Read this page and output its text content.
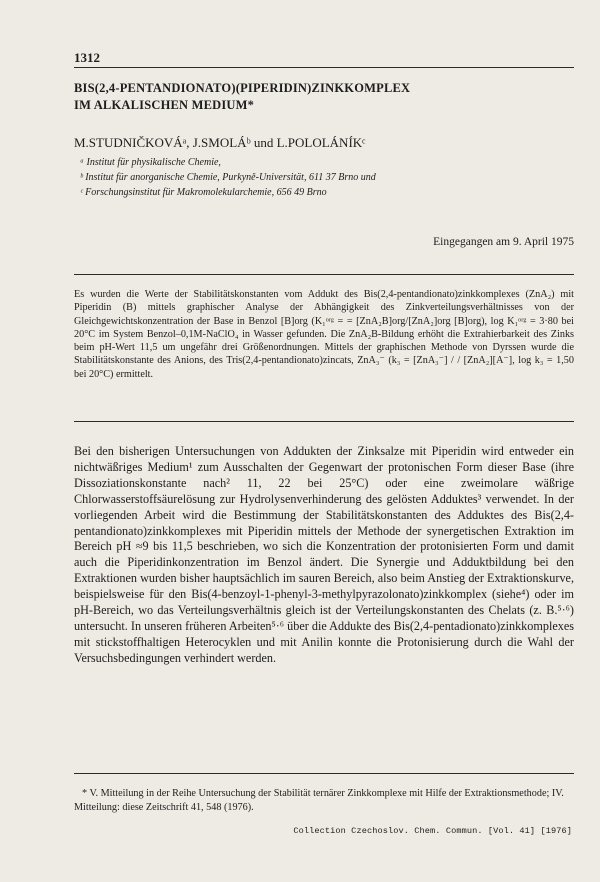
1312
BIS(2,4-PENTANDIONATO)(PIPERIDIN)ZINKKOMPLEX
IM ALKALISCHEN MEDIUM*
M.STUDNIČKOVÁᵃ, J.SMOLÁᵇ und L.POLOLÁNÍKᶜ
ᵃ Institut für physikalische Chemie,
ᵇ Institut für anorganische Chemie, Purkyně-Universität, 611 37 Brno und
ᶜ Forschungsinstitut für Makromolekularchemie, 656 49 Brno
Eingegangen am 9. April 1975

Es wurden die Werte der Stabilitätskonstanten vom Addukt des Bis(2,4-pentandionato)zinkkomplexes (ZnA₂) mit Piperidin (B) mittels graphischer Analyse der Abhängigkeit des Zinkverteilungsverhältnisses von der Gleichgewichtskonzentration der Base in Benzol [B]org (K₁ᵒʳᵍ = = [ZnA₂B]org/[ZnA₂]org [B]org), log K₁ᵒʳᵍ = 3·80 bei 20°C im System Benzol–0,1M-NaClO₄ in Wasser gefunden. Die ZnA₂B-Bildung erhöht die Extrahierbarkeit des Zinks beim pH-Wert 11,5 um ungefähr drei Größenordnungen. Mittels der graphischen Methode von Dyrssen wurde die Stabilitätskonstante des Anions, des Tris(2,4-pentandionato)zincats, ZnA₃⁻ (k₃ = [ZnA₃⁻] / / [ZnA₂][A⁻], log k₃ = 1,50 bei 20°C) ermittelt.

Bei den bisherigen Untersuchungen von Addukten der Zinksalze mit Piperidin wird entweder ein nichtwäßriges Medium¹ zum Ausschalten der Gegenwart der protonischen Form dieser Base (ihre Dissoziationskonstante nach² 11, 22 bei 25°C) oder eine zweimolare wäßrige Chlorwasserstoffsäurelösung zur Hydrolysenverhinderung des gelösten Adduktes³ verwendet. In der vorliegenden Arbeit wird die Bestimmung der Stabilitätskonstanten des Adduktes des Bis(2,4-pentandionato)zinkkomplexes mit Piperidin mittels der Methode der synergetischen Extraktion im Bereich pH ≈9 bis 11,5 beschrieben, wo sich die Konzentration der protonisierten Form und damit auch die Piperidinkonzentration im Benzol ändert. Die Synergie und Adduktbildung bei den Extraktionen wurden bisher hauptsächlich im sauren Bereich, also beim Anstieg der Extraktionskurve, beispielsweise für den Bis(4-benzoyl-1-phenyl-3-methylpyrazolonato)zinkkomplex (siehe⁴) oder im pH-Bereich, wo das Verteilungsverhältnis gleich ist der Verteilungskonstanten des Chelats (z. B.⁵·⁶) untersucht. In unseren früheren Arbeiten⁵·⁶ über die Addukte des Bis(2,4-pentadionato)zinkkomplexes mit stickstoffhaltigen Heterocyklen und mit Anilin konnte die Protonisierung durch die Wahl der Versuchsbedingungen verhindert werden.

* V. Mitteilung in der Reihe Untersuchung der Stabilität ternärer Zinkkomplexe mit Hilfe der Extraktionsmethode; IV. Mitteilung: diese Zeitschrift 41, 548 (1976).

Collection Czechoslov. Chem. Commun. [Vol. 41] [1976]
